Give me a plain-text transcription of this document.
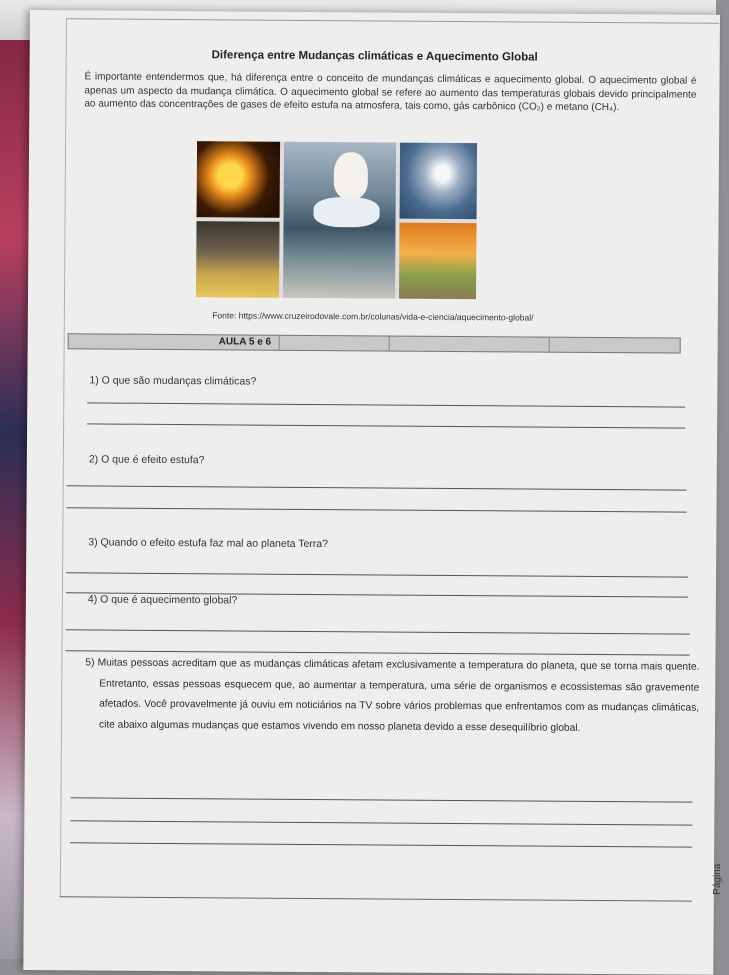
Diferença entre Mudanças climáticas e Aquecimento Global
É importante entendermos que, há diferença entre o conceito de mundanças climáticas e aquecimento global. O aquecimento global é apenas um aspecto da mudança climática. O aquecimento global se refere ao aumento das temperaturas globais devido principalmente ao aumento das concentrações de gases de efeito estufa na atmosfera, tais como, gás carbônico (CO₂) e metano (CH₄).
Fonte: https://www.cruzeirodovale.com.br/colunas/vida-e-ciencia/aquecimento-global/
AULA 5 e 6
1) O que são mudanças climáticas?
2) O que é efeito estufa?
3) Quando o efeito estufa faz mal ao planeta Terra?
4) O que é aquecimento global?
5) Muitas pessoas acreditam que as mudanças climáticas afetam exclusivamente a temperatura do planeta, que se torna mais quente. Entretanto, essas pessoas esquecem que, ao aumentar a temperatura, uma série de organismos e ecossistemas são gravemente afetados. Você provavelmente já ouviu em noticiários na TV sobre vários problemas que enfrentamos com as mudanças climáticas, cite abaixo algumas mudanças que estamos vivendo em nosso planeta devido a esse desequilíbrio global.
Página
